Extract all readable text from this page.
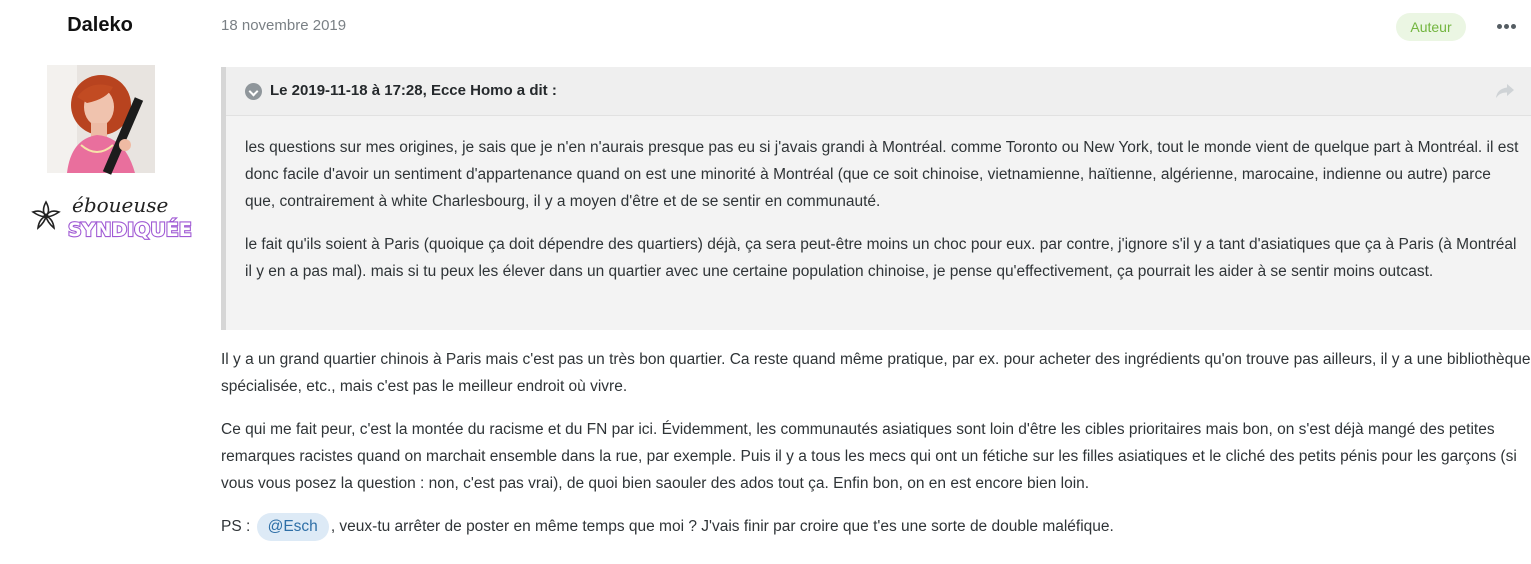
Daleko
éboueuse
SYNDIQUÉE
18 novembre 2019	Auteur
Le 2019-11-18 à 17:28, Ecce Homo a dit :

les questions sur mes origines, je sais que je n'en n'aurais presque pas eu si j'avais grandi à Montréal. comme Toronto ou New York, tout le monde vient de quelque part à Montréal. il est donc facile d'avoir un sentiment d'appartenance quand on est une minorité à Montréal (que ce soit chinoise, vietnamienne, haïtienne, algérienne, marocaine, indienne ou autre) parce que, contrairement à white Charlesbourg, il y a moyen d'être et de se sentir en communauté.

le fait qu'ils soient à Paris (quoique ça doit dépendre des quartiers) déjà, ça sera peut-être moins un choc pour eux. par contre, j'ignore s'il y a tant d'asiatiques que ça à Paris (à Montréal il y en a pas mal). mais si tu peux les élever dans un quartier avec une certaine population chinoise, je pense qu'effectivement, ça pourrait les aider à se sentir moins outcast.

Il y a un grand quartier chinois à Paris mais c'est pas un très bon quartier. Ca reste quand même pratique, par ex. pour acheter des ingrédients qu'on trouve pas ailleurs, il y a une bibliothèque spécialisée, etc., mais c'est pas le meilleur endroit où vivre.

Ce qui me fait peur, c'est la montée du racisme et du FN par ici. Évidemment, les communautés asiatiques sont loin d'être les cibles prioritaires mais bon, on s'est déjà mangé des petites remarques racistes quand on marchait ensemble dans la rue, par exemple. Puis il y a tous les mecs qui ont un fétiche sur les filles asiatiques et le cliché des petits pénis pour les garçons (si vous vous posez la question : non, c'est pas vrai), de quoi bien saouler des ados tout ça. Enfin bon, on en est encore bien loin.

PS : @Esch , veux-tu arrêter de poster en même temps que moi ? J'vais finir par croire que t'es une sorte de double maléfique.
